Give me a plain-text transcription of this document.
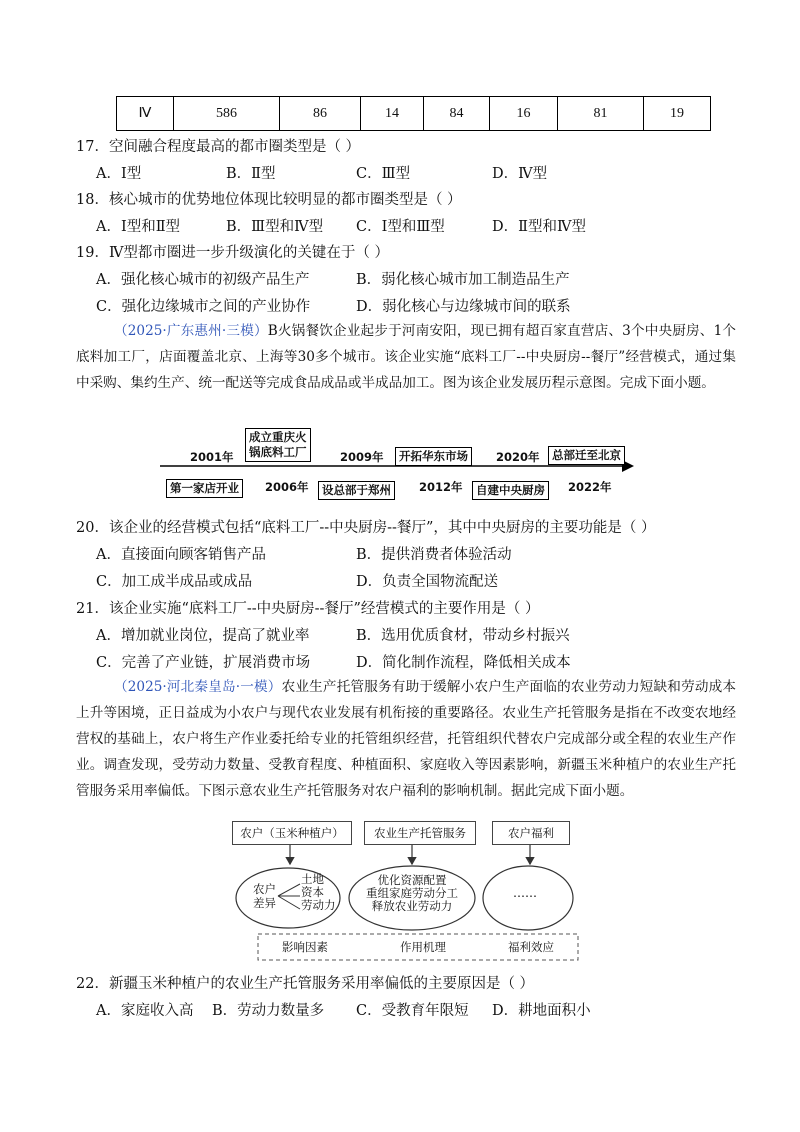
Ⅳ	586	86	14	84	16	81	19
17．空间融合程度最高的都市圈类型是（ ）
A．Ⅰ型	B．Ⅱ型	C．Ⅲ型	D．Ⅳ型
18．核心城市的优势地位体现比较明显的都市圈类型是（ ）
A．Ⅰ型和Ⅱ型	B．Ⅲ型和Ⅳ型 C．Ⅰ型和Ⅲ型	D．Ⅱ型和Ⅳ型
19．Ⅳ型都市圈进一步升级演化的关键在于（ ）
A．强化核心城市的初级产品生产	B．弱化核心城市加工制造品生产
C．强化边缘城市之间的产业协作	D．弱化核心与边缘城市间的联系
（2025·广东惠州·三模）B火锅餐饮企业起步于河南安阳，现已拥有超百家直营店、3个中央厨房、1个底料加工厂，店面覆盖北京、上海等30多个城市。该企业实施“底料工厂--中央厨房--餐厅”经营模式，通过集中采购、集约生产、统一配送等完成食品成品或半成品加工。图为该企业发展历程示意图。完成下面小题。
2001年
2006年
2009年
2012年
2020年
2022年
第一家店开业
成立重庆火
锅底料工厂
设总部于郑州
开拓华东市场
自建中央厨房
总部迁至北京
20．该企业的经营模式包括“底料工厂--中央厨房--餐厅”，其中中央厨房的主要功能是（ ）
A．直接面向顾客销售产品	B．提供消费者体验活动
C．加工成半成品或成品	D．负责全国物流配送
21．该企业实施“底料工厂--中央厨房--餐厅”经营模式的主要作用是（ ）
A．增加就业岗位，提高了就业率	B．选用优质食材，带动乡村振兴
C．完善了产业链，扩展消费市场	D．简化制作流程，降低相关成本
（2025·河北秦皇岛·一模）农业生产托管服务有助于缓解小农户生产面临的农业劳动力短缺和劳动成本上升等困境，正日益成为小农户与现代农业发展有机衔接的重要路径。农业生产托管服务是指在不改变农地经营权的基础上，农户将生产作业委托给专业的托管组织经营，托管组织代替农户完成部分或全程的农业生产作业。调查发现，受劳动力数量、受教育程度、种植面积、家庭收入等因素影响，新疆玉米种植户的农业生产托管服务采用率偏低。下图示意农业生产托管服务对农户福利的影响机制。据此完成下面小题。
农户（玉米种植户）	农业生产托管服务	农户福利
农户
差异
土地
资本
劳动力
优化资源配置
重组家庭劳动分工
释放农业劳动力
……
影响因素	作用机理	福利效应
22．新疆玉米种植户的农业生产托管服务采用率偏低的主要原因是（ ）
A．家庭收入高 B．劳动力数量多 C．受教育年限短 D．耕地面积小
